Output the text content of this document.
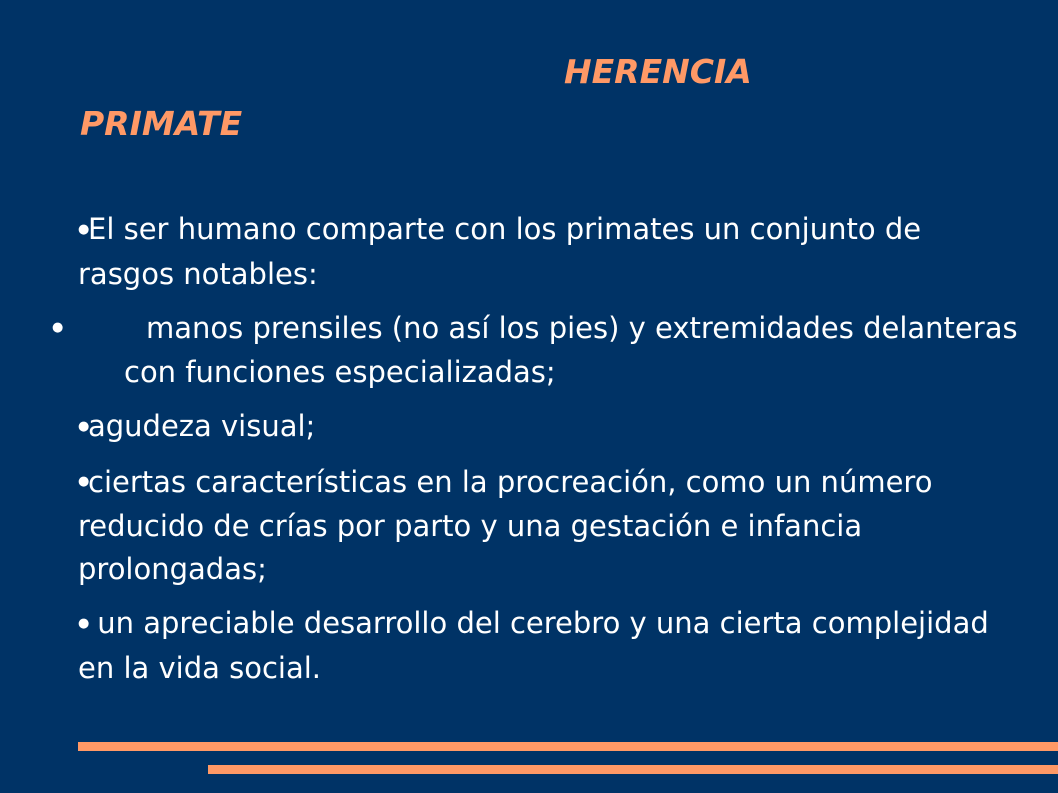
HERENCIA
PRIMATE

●El ser humano comparte con los primates un conjunto de rasgos notables:

●	manos prensiles (no así los pies) y extremidades delanteras con funciones especializadas;

●agudeza visual;

●ciertas características en la procreación, como un número reducido de crías por parto y una gestación e infancia prolongadas;

● un apreciable desarrollo del cerebro y una cierta complejidad en la vida social.
